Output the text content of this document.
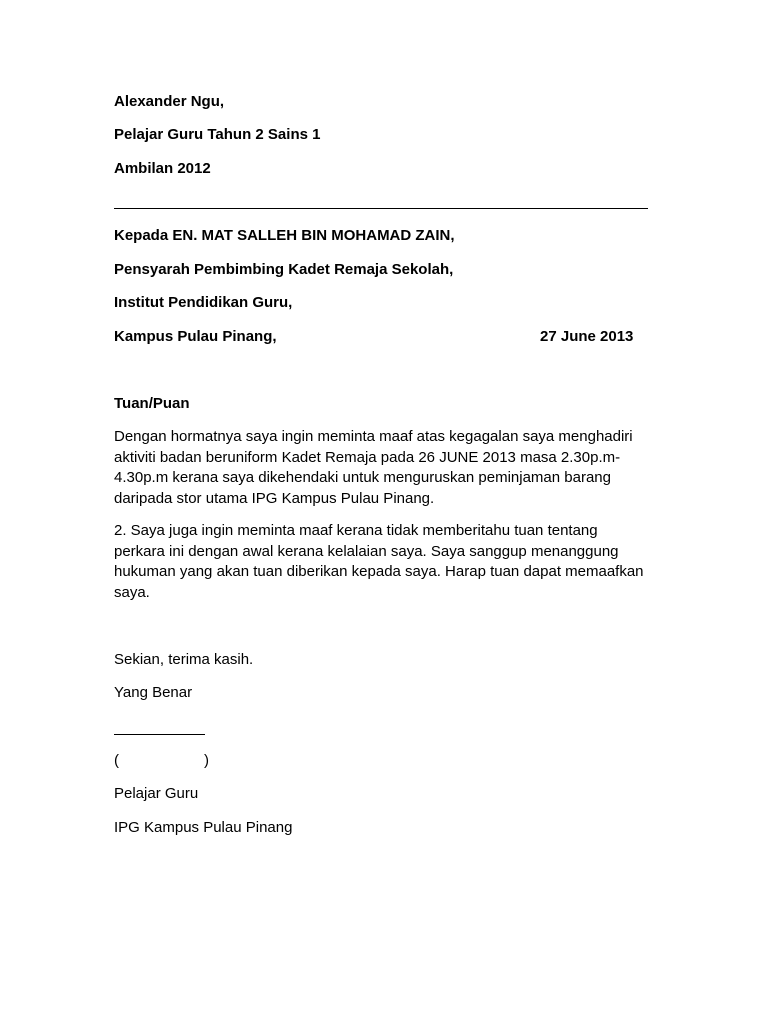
Alexander Ngu,
Pelajar Guru Tahun 2 Sains 1
Ambilan 2012
Kepada EN. MAT SALLEH BIN MOHAMAD ZAIN,
Pensyarah Pembimbing Kadet Remaja Sekolah,
Institut Pendidikan Guru,
Kampus Pulau Pinang,	27 June 2013
Tuan/Puan
Dengan hormatnya saya ingin meminta maaf atas kegagalan saya menghadiri
aktiviti badan beruniform Kadet Remaja pada 26 JUNE 2013 masa 2.30p.m-
4.30p.m kerana saya dikehendaki untuk menguruskan peminjaman barang
daripada stor utama IPG Kampus Pulau Pinang.
2. Saya juga ingin meminta maaf kerana tidak memberitahu tuan tentang
perkara ini dengan awal kerana kelalaian saya. Saya sanggup menanggung
hukuman yang akan tuan diberikan kepada saya. Harap tuan dapat memaafkan
saya.
Sekian, terima kasih.
Yang Benar
(	)
Pelajar Guru
IPG Kampus Pulau Pinang
